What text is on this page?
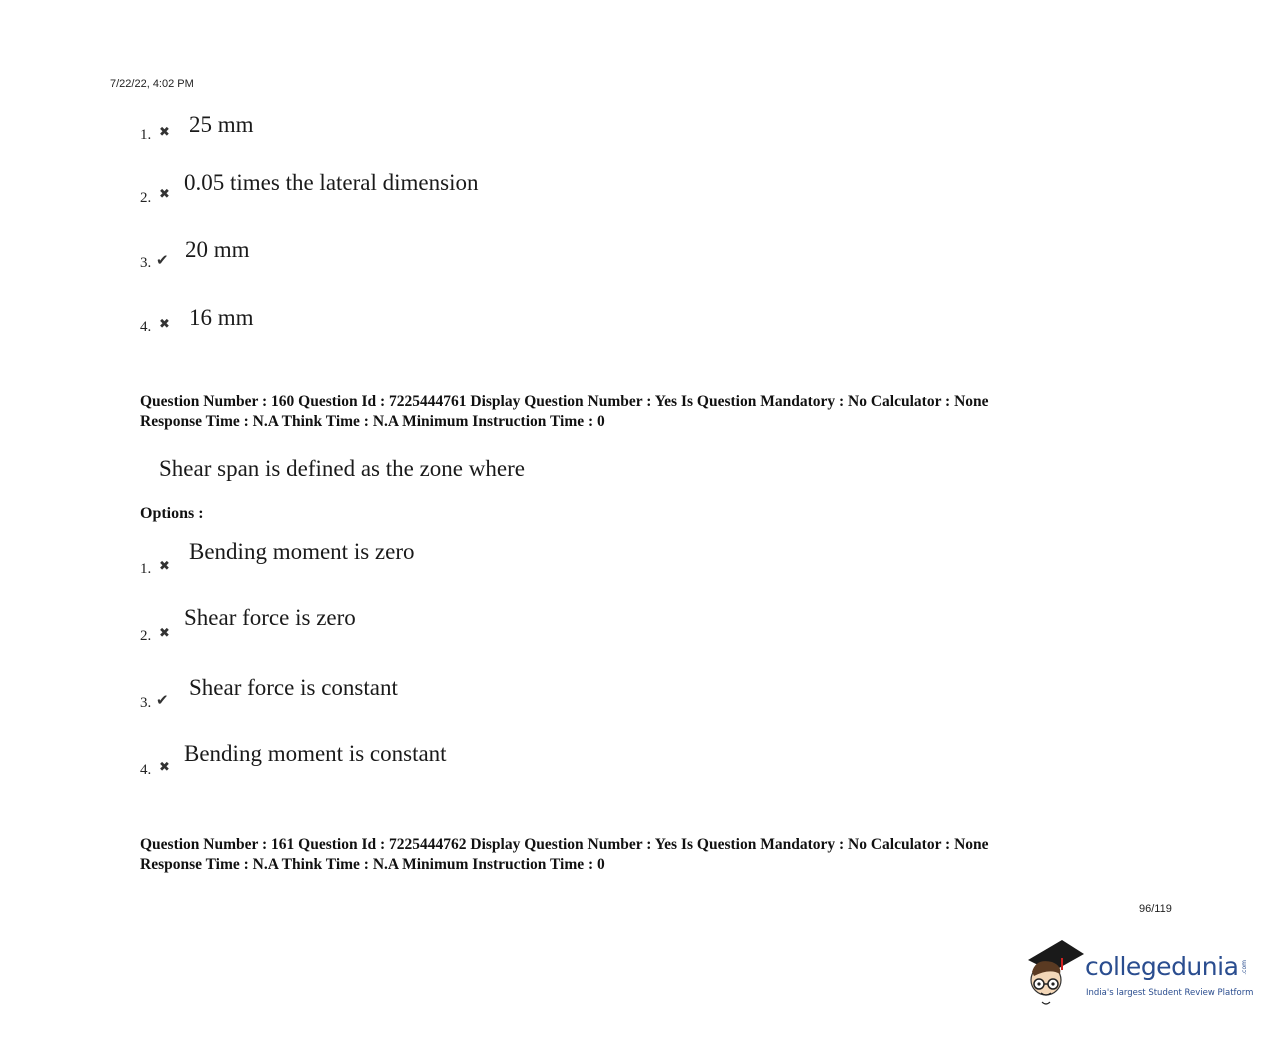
7/22/22, 4:02 PM
1. ✖ 25 mm
2. ✖ 0.05 times the lateral dimension
3. ✔ 20 mm
4. ✖ 16 mm
Question Number : 160 Question Id : 7225444761 Display Question Number : Yes Is Question Mandatory : No Calculator : None
Response Time : N.A Think Time : N.A Minimum Instruction Time : 0
Shear span is defined as the zone where
Options :
1. ✖
Bending moment is zero
2. ✖
Shear force is zero
3. ✔ Shear force is constant
4. ✖
Bending moment is constant
Question Number : 161 Question Id : 7225444762 Display Question Number : Yes Is Question Mandatory : No Calculator : None
Response Time : N.A Think Time : N.A Minimum Instruction Time : 0
96/119
collegedunia .com
India's largest Student Review Platform
